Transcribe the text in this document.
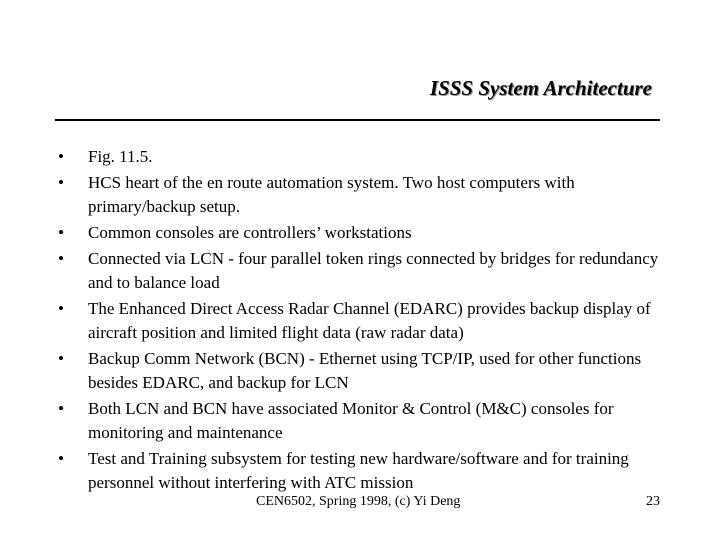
ISSS System Architecture
• Fig. 11.5.
• HCS heart of the en route automation system. Two host computers with primary/backup setup.
• Common consoles are controllers’ workstations
• Connected via LCN - four parallel token rings connected by bridges for redundancy and to balance load
• The Enhanced Direct Access Radar Channel (EDARC) provides backup display of aircraft position and limited flight data (raw radar data)
• Backup Comm Network (BCN) - Ethernet using TCP/IP, used for other functions besides EDARC, and backup for LCN
• Both LCN and BCN have associated Monitor & Control (M&C) consoles for monitoring and maintenance
• Test and Training subsystem for testing new hardware/software and for training personnel without interfering with ATC mission
CEN6502, Spring 1998, (c) Yi Deng	23
